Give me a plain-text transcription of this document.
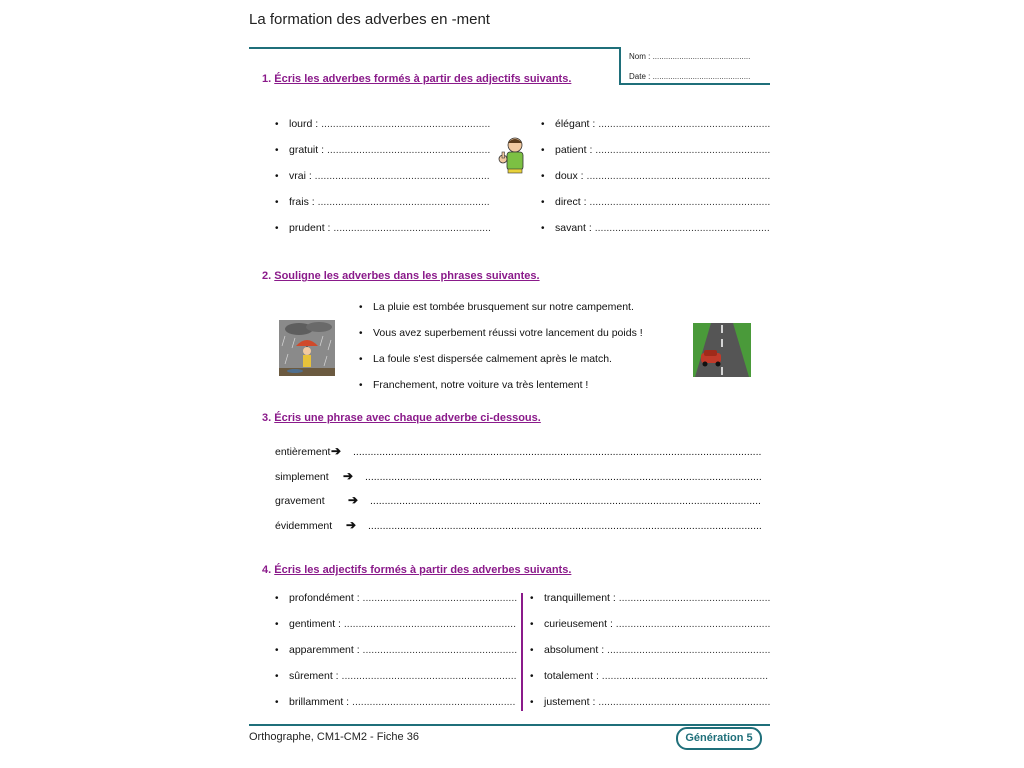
La formation des adverbes en -ment
Nom : ............................................
Date : ............................................
1. Écris les adverbes formés à partir des adjectifs suivants.
• lourd : ..........................................................
• gratuit : ........................................................
• vrai : ............................................................
• frais : ...........................................................
• prudent : ......................................................
• élégant : ...........................................................
• patient : ............................................................
• doux : ...............................................................
• direct : ..............................................................
• savant : ............................................................
2. Souligne les adverbes dans les phrases suivantes.
• La pluie est tombée brusquement sur notre campement.
• Vous avez superbement réussi votre lancement du poids !
• La foule s'est dispersée calmement après le match.
• Franchement, notre voiture va très lentement !
3. Écris une phrase avec chaque adverbe ci-dessous.
entièrement ➔ ............................................................................................................................................
simplement ➔ ........................................................................................................................................
gravement ➔ ......................................................................................................................................
évidemment ➔ .......................................................................................................................................
4. Écris les adjectifs formés à partir des adverbes suivants.
• profondément : .....................................................
• gentiment : ...........................................................
• apparemment : .....................................................
• sûrement : ............................................................
• brillamment : ........................................................
• tranquillement : ....................................................
• curieusement : .....................................................
• absolument : ........................................................
• totalement : .........................................................
• justement : ...........................................................
Orthographe, CM1-CM2 - Fiche 36	Génération 5
